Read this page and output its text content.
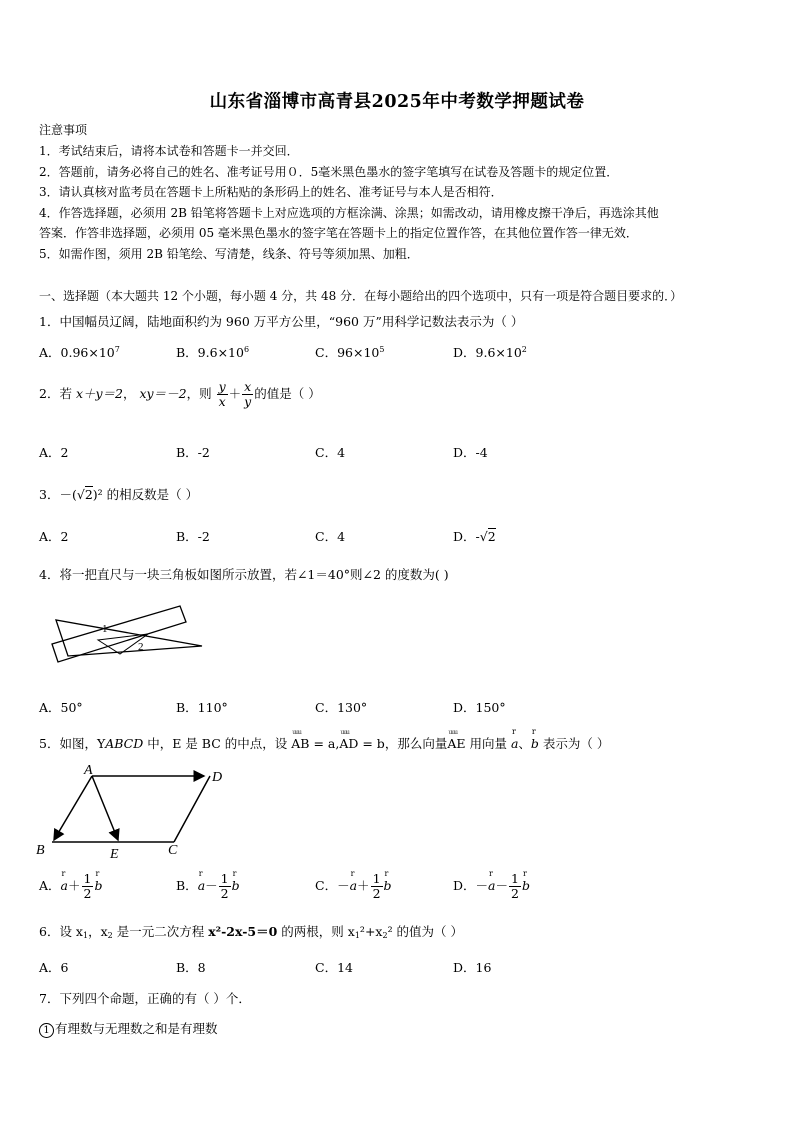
山东省淄博市高青县2025年中考数学押题试卷
注意事项
1．考试结束后，请将本试卷和答题卡一并交回．
2．答题前，请务必将自己的姓名、准考证号用０．5毫米黑色墨水的签字笔填写在试卷及答题卡的规定位置．
3．请认真核对监考员在答题卡上所粘贴的条形码上的姓名、准考证号与本人是否相符．
4．作答选择题，必须用 2B 铅笔将答题卡上对应选项的方框涂满、涂黑；如需改动，请用橡皮擦干净后，再选涂其他
答案．作答非选择题，必须用 05 毫米黑色墨水的签字笔在答题卡上的指定位置作答，在其他位置作答一律无效．
5．如需作图，须用 2B 铅笔绘、写清楚，线条、符号等须加黑、加粗．
一、选择题（本大题共 12 个小题，每小题 4 分，共 48 分．在每小题给出的四个选项中，只有一项是符合题目要求的．）
1．中国幅员辽阔，陆地面积约为 960 万平方公里，“960 万”用科学记数法表示为（ ）
A．$0.96\times 10^7$	B．$9.6\times 10^6$	C．$96\times 10^5$	D．$9.6\times 10^2$
2．若 x＋y＝2， xy＝－2，则 $\frac{y}{x} + \frac{x}{y}$ 的值是（ ）
A．2	B．-2	C．4	D．-4
3．－(√2)² 的相反数是（ ）
A．2	B．-2	C．4	D．-√2
4．将一把直尺与一块三角板如图所示放置，若∠1＝40°则∠2 的度数为( )
1
2
A．50°	B．110°	C．130°	D．150°
5．如图，YABCD 中，E 是 BC 的中点，设 uuu AB = a,uuu AD = b，那么向量uuu AE 用向量 r a、r b 表示为（ ）
A	D
B	E	C
A．r $a+ \frac{1}{2}$ r b	B．r $a- \frac{1}{2}$ r b	C．－r $a+ \frac{1}{2}$ r b	D．－r $a- \frac{1}{2}$ r b
6．设 $x_1$，$x_2$ 是一元二次方程 x²-2x-5＝0 的两根，则 $x_1^2+x_2^2$ 的值为（ ）
A．6	B．8	C．14	D．16
7．下列四个命题，正确的有（ ）个．
1 有理数与无理数之和是有理数
